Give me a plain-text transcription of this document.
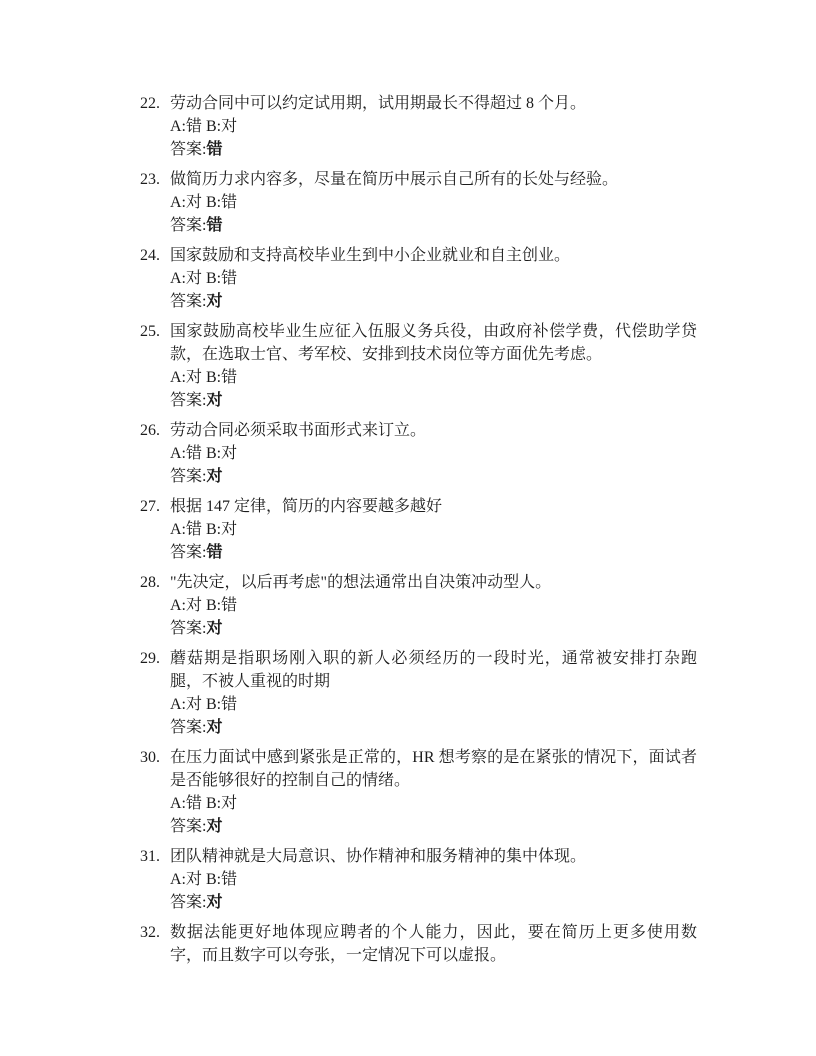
22. 劳动合同中可以约定试用期，试用期最长不得超过 8 个月。

A:错 B:对

答案:错

23. 做简历力求内容多，尽量在简历中展示自己所有的长处与经验。

A:对 B:错

答案:错

24. 国家鼓励和支持高校毕业生到中小企业就业和自主创业。

A:对 B:错

答案:对

25. 国家鼓励高校毕业生应征入伍服义务兵役，由政府补偿学费，代偿助学贷款，在选取士官、考军校、安排到技术岗位等方面优先考虑。

A:对 B:错

答案:对

26. 劳动合同必须采取书面形式来订立。

A:错 B:对

答案:对

27. 根据 147 定律，简历的内容要越多越好

A:错 B:对

答案:错

28. "先决定，以后再考虑"的想法通常出自决策冲动型人。

A:对 B:错

答案:对

29. 蘑菇期是指职场刚入职的新人必须经历的一段时光，通常被安排打杂跑腿，不被人重视的时期

A:对 B:错

答案:对

30. 在压力面试中感到紧张是正常的，HR 想考察的是在紧张的情况下，面试者是否能够很好的控制自己的情绪。

A:错 B:对

答案:对

31. 团队精神就是大局意识、协作精神和服务精神的集中体现。

A:对 B:错

答案:对

32. 数据法能更好地体现应聘者的个人能力，因此，要在简历上更多使用数字，而且数字可以夸张，一定情况下可以虚报。
